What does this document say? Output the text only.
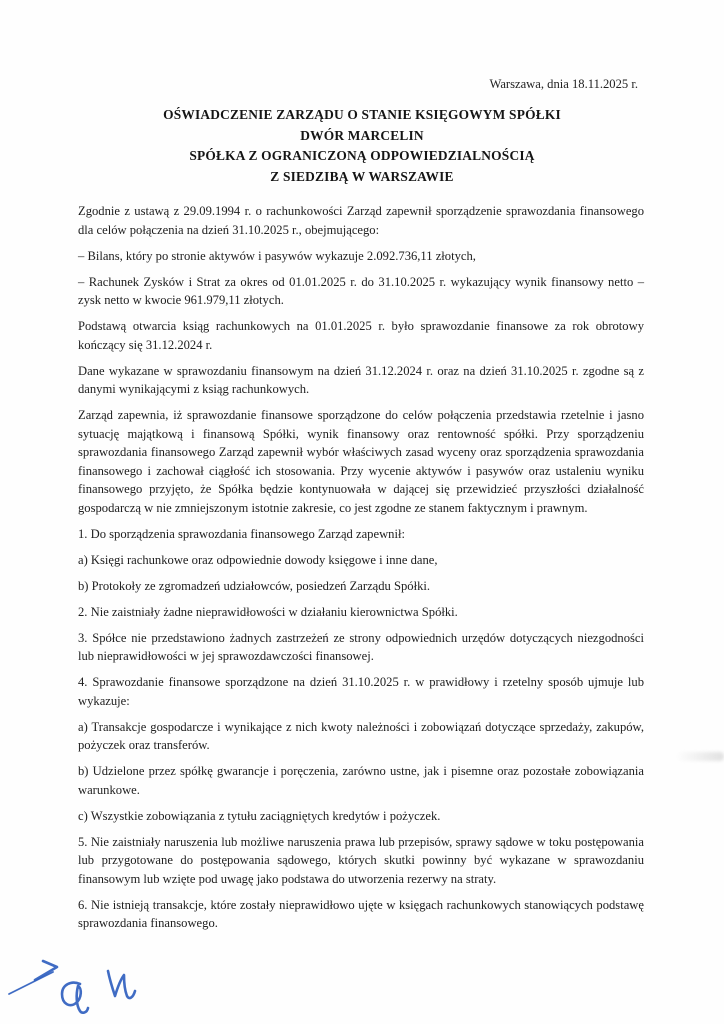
Warszawa, dnia 18.11.2025 r.
OŚWIADCZENIE ZARZĄDU O STANIE KSIĘGOWYM SPÓŁKI
DWÓR MARCELIN
SPÓŁKA Z OGRANICZONĄ ODPOWIEDZIALNOŚCIĄ
Z SIEDZIBĄ W WARSZAWIE

Zgodnie z ustawą z 29.09.1994 r. o rachunkowości Zarząd zapewnił sporządzenie sprawozdania finansowego dla celów połączenia na dzień 31.10.2025 r., obejmującego:

– Bilans, który po stronie aktywów i pasywów wykazuje 2.092.736,11 złotych,

– Rachunek Zysków i Strat za okres od 01.01.2025 r. do 31.10.2025 r. wykazujący wynik finansowy netto – zysk netto w kwocie 961.979,11 złotych.

Podstawą otwarcia ksiąg rachunkowych na 01.01.2025 r. było sprawozdanie finansowe za rok obrotowy kończący się 31.12.2024 r.

Dane wykazane w sprawozdaniu finansowym na dzień 31.12.2024 r. oraz na dzień 31.10.2025 r. zgodne są z danymi wynikającymi z ksiąg rachunkowych.

Zarząd zapewnia, iż sprawozdanie finansowe sporządzone do celów połączenia przedstawia rzetelnie i jasno sytuację majątkową i finansową Spółki, wynik finansowy oraz rentowność spółki. Przy sporządzeniu sprawozdania finansowego Zarząd zapewnił wybór właściwych zasad wyceny oraz sporządzenia sprawozdania finansowego i zachował ciągłość ich stosowania. Przy wycenie aktywów i pasywów oraz ustaleniu wyniku finansowego przyjęto, że Spółka będzie kontynuowała w dającej się przewidzieć przyszłości działalność gospodarczą w nie zmniejszonym istotnie zakresie, co jest zgodne ze stanem faktycznym i prawnym.

1. Do sporządzenia sprawozdania finansowego Zarząd zapewnił:

a) Księgi rachunkowe oraz odpowiednie dowody księgowe i inne dane,

b) Protokoły ze zgromadzeń udziałowców, posiedzeń Zarządu Spółki.

2. Nie zaistniały żadne nieprawidłowości w działaniu kierownictwa Spółki.

3. Spółce nie przedstawiono żadnych zastrzeżeń ze strony odpowiednich urzędów dotyczących niezgodności lub nieprawidłowości w jej sprawozdawczości finansowej.

4. Sprawozdanie finansowe sporządzone na dzień 31.10.2025 r. w prawidłowy i rzetelny sposób ujmuje lub wykazuje:

a) Transakcje gospodarcze i wynikające z nich kwoty należności i zobowiązań dotyczące sprzedaży, zakupów, pożyczek oraz transferów.

b) Udzielone przez spółkę gwarancje i poręczenia, zarówno ustne, jak i pisemne oraz pozostałe zobowiązania warunkowe.

c) Wszystkie zobowiązania z tytułu zaciągniętych kredytów i pożyczek.

5. Nie zaistniały naruszenia lub możliwe naruszenia prawa lub przepisów, sprawy sądowe w toku postępowania lub przygotowane do postępowania sądowego, których skutki powinny być wykazane w sprawozdaniu finansowym lub wzięte pod uwagę jako podstawa do utworzenia rezerwy na straty.

6. Nie istnieją transakcje, które zostały nieprawidłowo ujęte w księgach rachunkowych stanowiących podstawę sprawozdania finansowego.
